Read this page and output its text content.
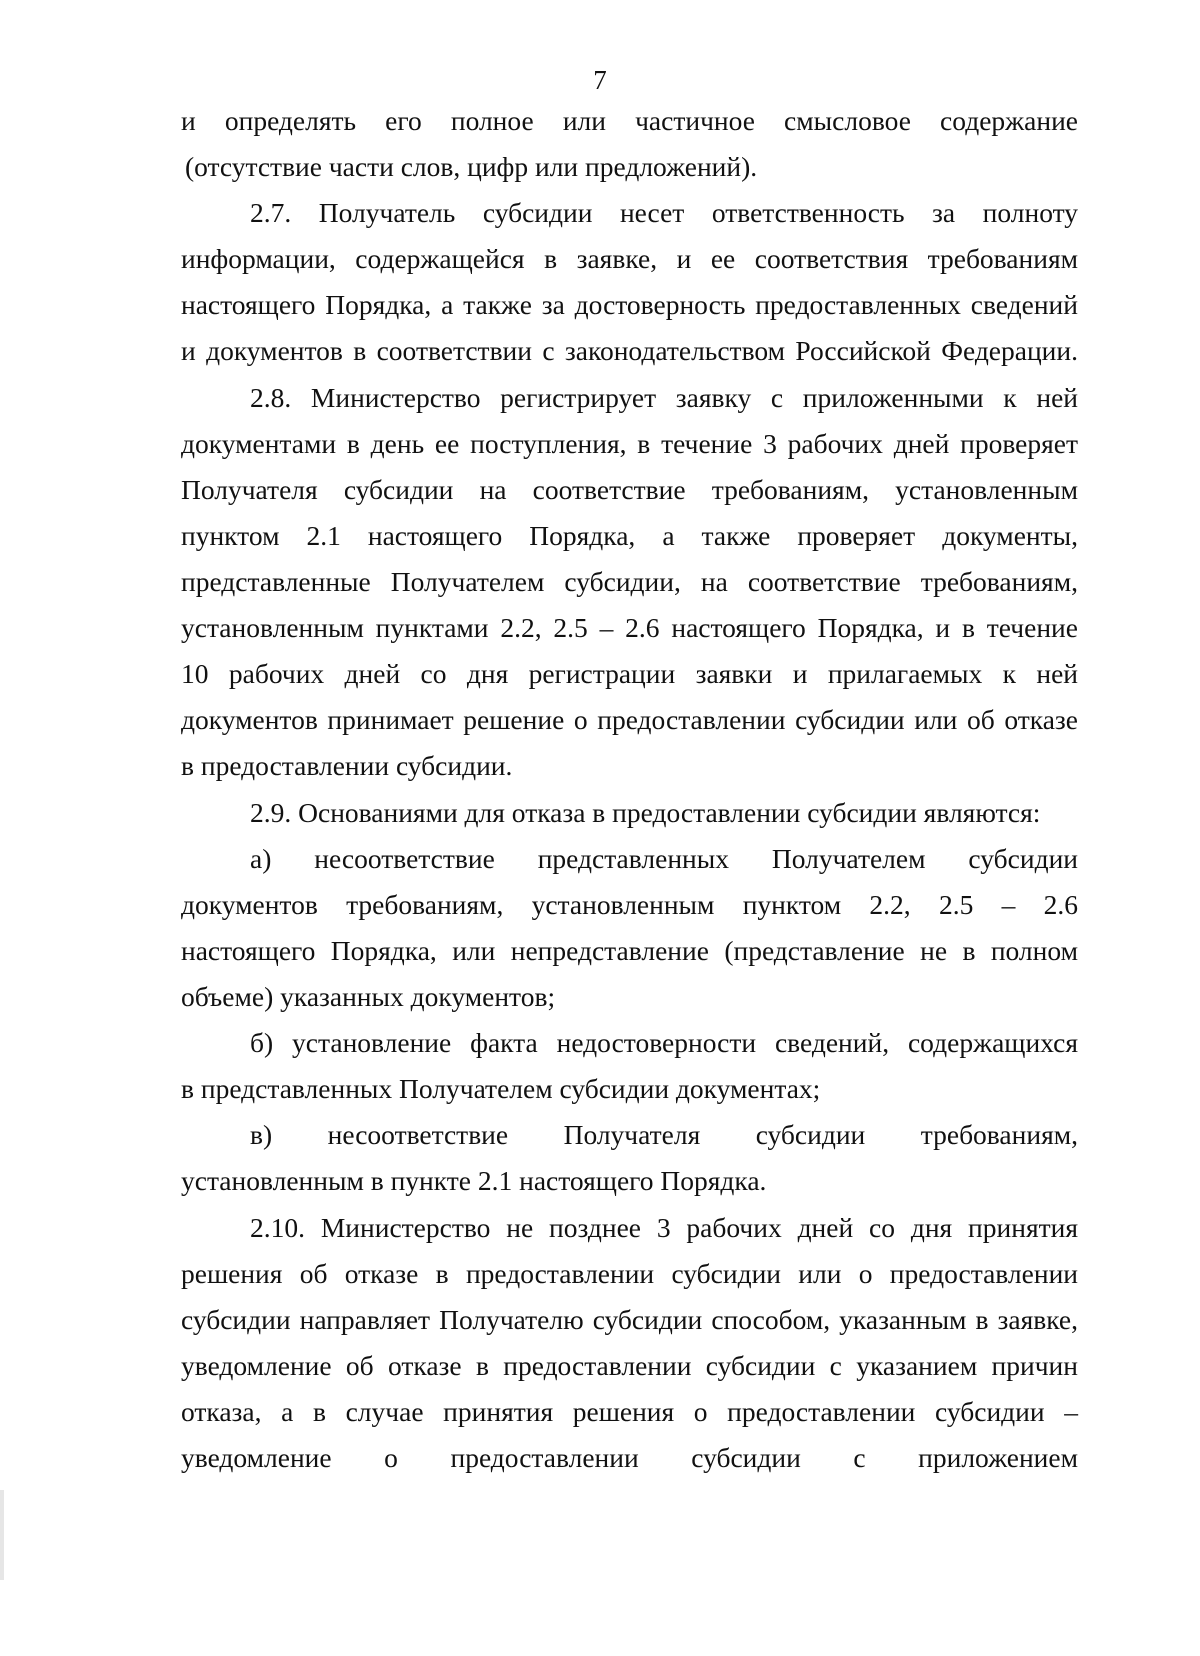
7
и определять его полное или частичное смысловое содержание
(отсутствие части слов, цифр или предложений).
2.7. Получатель субсидии несет ответственность за полноту
информации, содержащейся в заявке, и ее соответствия требованиям
настоящего Порядка, а также за достоверность предоставленных сведений
и документов в соответствии с законодательством Российской Федерации.
2.8. Министерство регистрирует заявку с приложенными к ней
документами в день ее поступления, в течение 3 рабочих дней проверяет
Получателя субсидии на соответствие требованиям, установленным
пунктом 2.1 настоящего Порядка, а также проверяет документы,
представленные Получателем субсидии, на соответствие требованиям,
установленным пунктами 2.2, 2.5 – 2.6 настоящего Порядка, и в течение
10 рабочих дней со дня регистрации заявки и прилагаемых к ней
документов принимает решение о предоставлении субсидии или об отказе
в предоставлении субсидии.
2.9. Основаниями для отказа в предоставлении субсидии являются:
а) несоответствие представленных Получателем субсидии
документов требованиям, установленным пунктом 2.2, 2.5 – 2.6
настоящего Порядка, или непредставление (представление не в полном
объеме) указанных документов;
б) установление факта недостоверности сведений, содержащихся
в представленных Получателем субсидии документах;
в) несоответствие Получателя субсидии требованиям,
установленным в пункте 2.1 настоящего Порядка.
2.10. Министерство не позднее 3 рабочих дней со дня принятия
решения об отказе в предоставлении субсидии или о предоставлении
субсидии направляет Получателю субсидии способом, указанным в заявке,
уведомление об отказе в предоставлении субсидии с указанием причин
отказа, а в случае принятия решения о предоставлении субсидии –
уведомление о предоставлении субсидии с приложением
